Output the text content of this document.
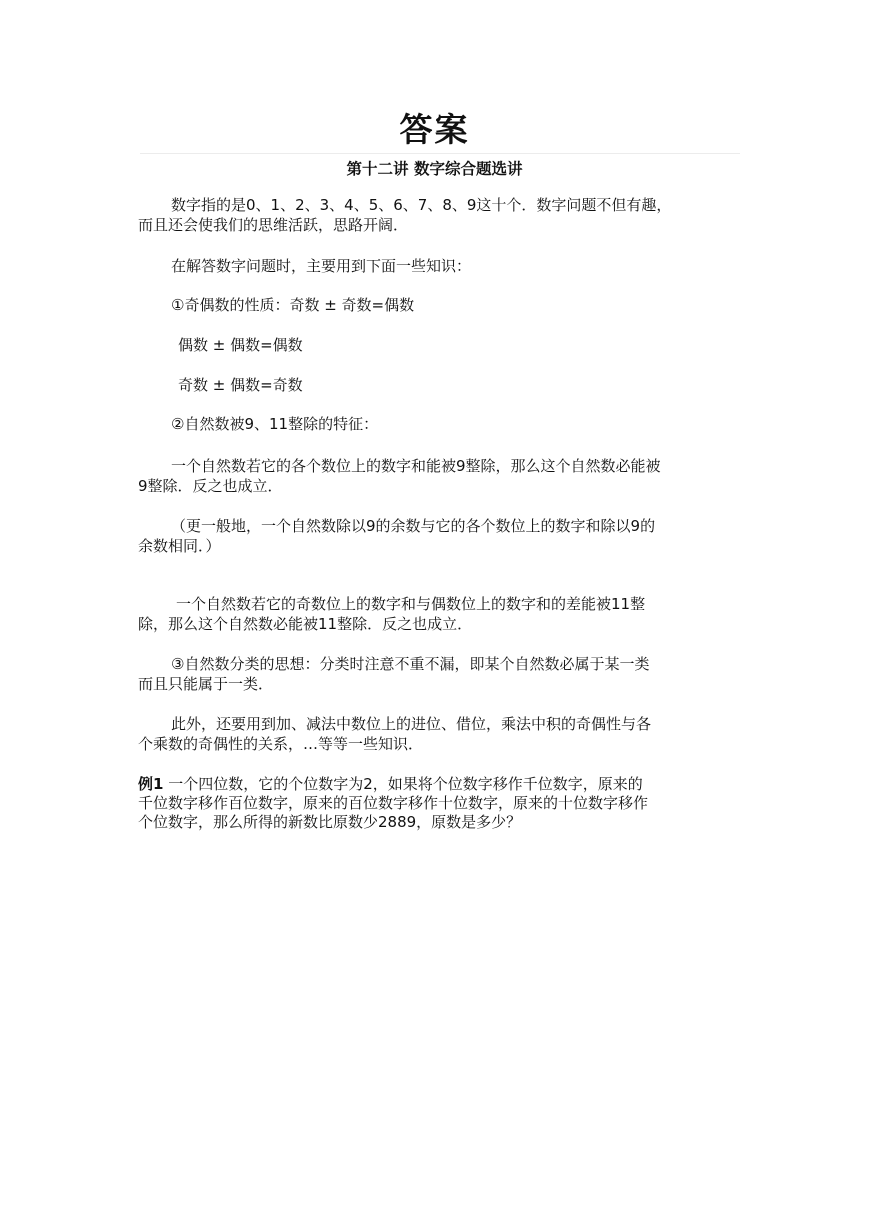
答案
第十二讲 数字综合题选讲
数字指的是0、1、2、3、4、5、6、7、8、9这十个．数字问题不但有趣，
而且还会使我们的思维活跃，思路开阔．
在解答数字问题时，主要用到下面一些知识：
①奇偶数的性质：奇数 ± 奇数=偶数
偶数 ± 偶数=偶数
奇数 ± 偶数=奇数
②自然数被9、11整除的特征：
一个自然数若它的各个数位上的数字和能被9整除，那么这个自然数必能被
9整除．反之也成立．
（更一般地，一个自然数除以9的余数与它的各个数位上的数字和除以9的
余数相同．）
一个自然数若它的奇数位上的数字和与偶数位上的数字和的差能被11整
除，那么这个自然数必能被11整除．反之也成立．
③自然数分类的思想：分类时注意不重不漏，即某个自然数必属于某一类
而且只能属于一类．
此外，还要用到加、减法中数位上的进位、借位，乘法中积的奇偶性与各
个乘数的奇偶性的关系，…等等一些知识．
例1 一个四位数，它的个位数字为2，如果将个位数字移作千位数字，原来的
千位数字移作百位数字，原来的百位数字移作十位数字，原来的十位数字移作
个位数字，那么所得的新数比原数少2889，原数是多少？
